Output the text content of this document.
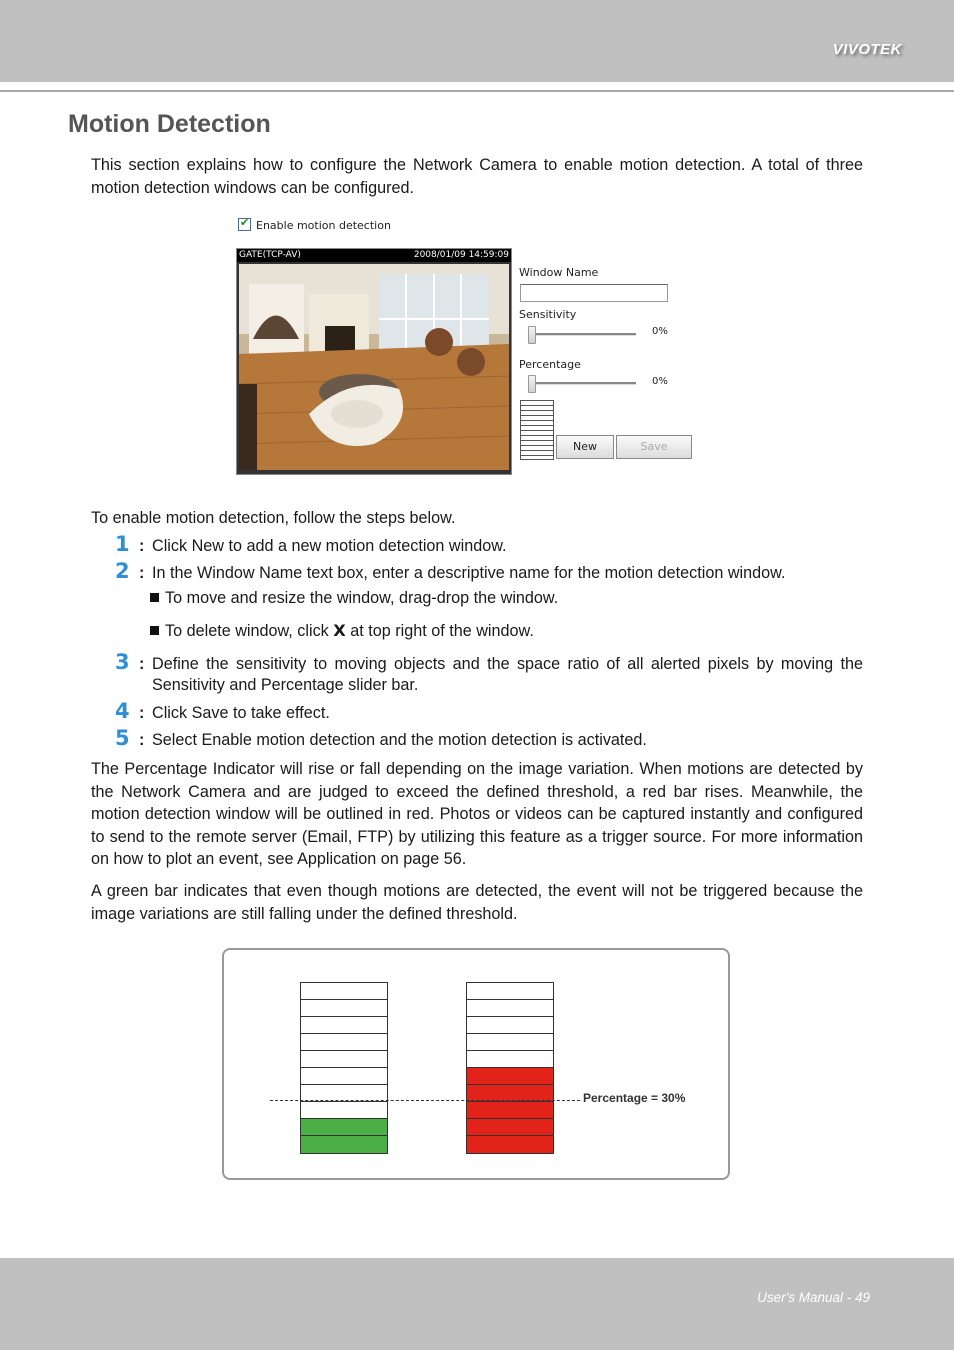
VIVOTEK
Motion Detection

This section explains how to configure the Network Camera to enable motion detection. A total of three motion detection windows can be configured.

✔ Enable motion detection
GATE(TCP-AV)	2008/01/09 14:59:09
Window Name
Sensitivity
0%
Percentage
0%
New	Save

To enable motion detection, follow the steps below.

1 : Click New to add a new motion detection window.
2 : In the Window Name text box, enter a descriptive name for the motion detection window.
To move and resize the window, drag-drop the window.
To delete window, click X at top right of the window.
3 : Define the sensitivity to moving objects and the space ratio of all alerted pixels by moving the Sensitivity and Percentage slider bar.
4 : Click Save to take effect.
5 : Select Enable motion detection and the motion detection is activated.

The Percentage Indicator will rise or fall depending on the image variation. When motions are detected by the Network Camera and are judged to exceed the defined threshold, a red bar rises. Meanwhile, the motion detection window will be outlined in red. Photos or videos can be captured instantly and configured to send to the remote server (Email, FTP) by utilizing this feature as a trigger source. For more information on how to plot an event, see Application on page 56.

A green bar indicates that even though motions are detected, the event will not be triggered because the image variations are still falling under the defined threshold.

Percentage = 30%
User's Manual - 49
